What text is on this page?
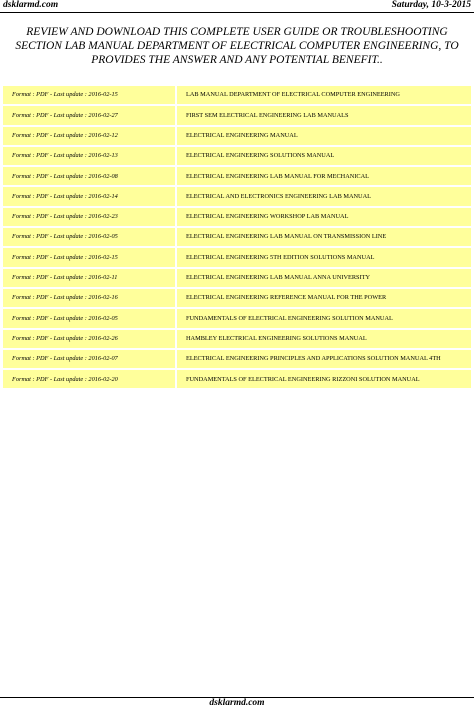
dsklarmd.com	Saturday, 10-3-2015
REVIEW AND DOWNLOAD THIS COMPLETE USER GUIDE OR TROUBLESHOOTING SECTION LAB MANUAL DEPARTMENT OF ELECTRICAL COMPUTER ENGINEERING, TO PROVIDES THE ANSWER AND ANY POTENTIAL BENEFIT..
Format : PDF - Last update : 2016-02-15	LAB MANUAL DEPARTMENT OF ELECTRICAL COMPUTER ENGINEERING
Format : PDF - Last update : 2016-02-27	FIRST SEM ELECTRICAL ENGINEERING LAB MANUALS
Format : PDF - Last update : 2016-02-12	ELECTRICAL ENGINEERING MANUAL
Format : PDF - Last update : 2016-02-13	ELECTRICAL ENGINEERING SOLUTIONS MANUAL
Format : PDF - Last update : 2016-02-08	ELECTRICAL ENGINEERING LAB MANUAL FOR MECHANICAL
Format : PDF - Last update : 2016-02-14	ELECTRICAL AND ELECTRONICS ENGINEERING LAB MANUAL
Format : PDF - Last update : 2016-02-23	ELECTRICAL ENGINEERING WORKSHOP LAB MANUAL
Format : PDF - Last update : 2016-02-05	ELECTRICAL ENGINEERING LAB MANUAL ON TRANSMISSION LINE
Format : PDF - Last update : 2016-02-15	ELECTRICAL ENGINEERING 5TH EDITION SOLUTIONS MANUAL
Format : PDF - Last update : 2016-02-11	ELECTRICAL ENGINEERING LAB MANUAL ANNA UNIVERSITY
Format : PDF - Last update : 2016-02-16	ELECTRICAL ENGINEERING REFERENCE MANUAL FOR THE POWER
Format : PDF - Last update : 2016-02-05	FUNDAMENTALS OF ELECTRICAL ENGINEERING SOLUTION MANUAL
Format : PDF - Last update : 2016-02-26	HAMBLEY ELECTRICAL ENGINEERING SOLUTIONS MANUAL
Format : PDF - Last update : 2016-02-07	ELECTRICAL ENGINEERING PRINCIPLES AND APPLICATIONS SOLUTION MANUAL 4TH
Format : PDF - Last update : 2016-02-20	FUNDAMENTALS OF ELECTRICAL ENGINEERING RIZZONI SOLUTION MANUAL
dsklarmd.com
